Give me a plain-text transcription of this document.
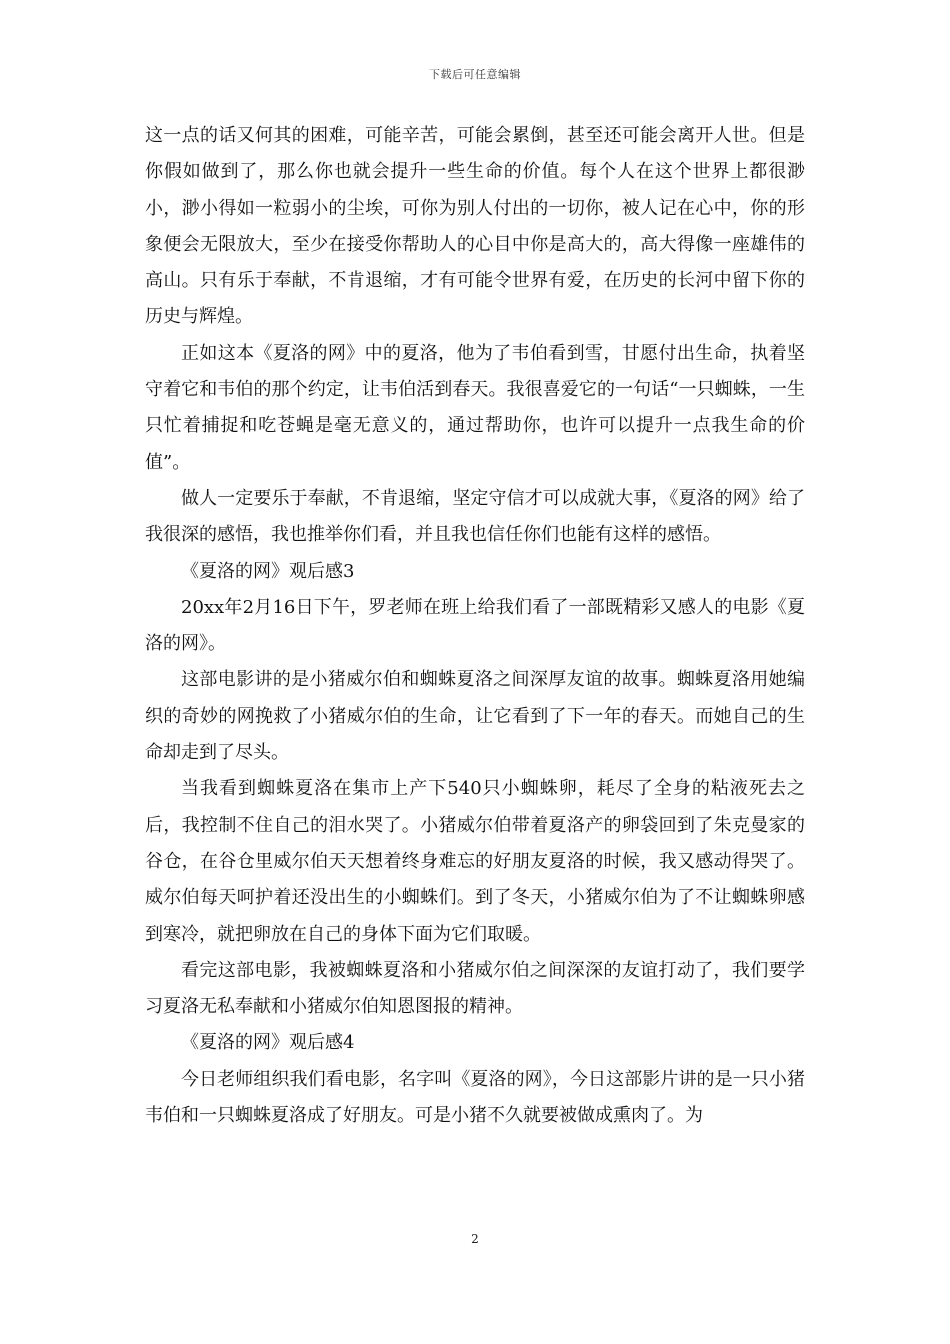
下载后可任意编辑

这一点的话又何其的困难，可能辛苦，可能会累倒，甚至还可能会离开人世。但是你假如做到了，那么你也就会提升一些生命的价值。每个人在这个世界上都很渺小，渺小得如一粒弱小的尘埃，可你为别人付出的一切你，被人记在心中，你的形象便会无限放大，至少在接受你帮助人的心目中你是高大的，高大得像一座雄伟的高山。只有乐于奉献，不肯退缩，才有可能令世界有爱，在历史的长河中留下你的历史与辉煌。

正如这本《夏洛的网》中的夏洛，他为了韦伯看到雪，甘愿付出生命，执着坚守着它和韦伯的那个约定，让韦伯活到春天。我很喜爱它的一句话“一只蜘蛛，一生只忙着捕捉和吃苍蝇是毫无意义的，通过帮助你，也许可以提升一点我生命的价值”。

做人一定要乐于奉献，不肯退缩，坚定守信才可以成就大事，《夏洛的网》给了我很深的感悟，我也推举你们看，并且我也信任你们也能有这样的感悟。

《夏洛的网》观后感3

20xx年2月16日下午，罗老师在班上给我们看了一部既精彩又感人的电影《夏洛的网》。

这部电影讲的是小猪威尔伯和蜘蛛夏洛之间深厚友谊的故事。蜘蛛夏洛用她编织的奇妙的网挽救了小猪威尔伯的生命，让它看到了下一年的春天。而她自己的生命却走到了尽头。

当我看到蜘蛛夏洛在集市上产下540只小蜘蛛卵，耗尽了全身的粘液死去之后，我控制不住自己的泪水哭了。小猪威尔伯带着夏洛产的卵袋回到了朱克曼家的谷仓，在谷仓里威尔伯天天想着终身难忘的好朋友夏洛的时候，我又感动得哭了。威尔伯每天呵护着还没出生的小蜘蛛们。到了冬天，小猪威尔伯为了不让蜘蛛卵感到寒冷，就把卵放在自己的身体下面为它们取暖。

看完这部电影，我被蜘蛛夏洛和小猪威尔伯之间深深的友谊打动了，我们要学习夏洛无私奉献和小猪威尔伯知恩图报的精神。

《夏洛的网》观后感4

今日老师组织我们看电影，名字叫《夏洛的网》，今日这部影片讲的是一只小猪韦伯和一只蜘蛛夏洛成了好朋友。可是小猪不久就要被做成熏肉了。为

2
